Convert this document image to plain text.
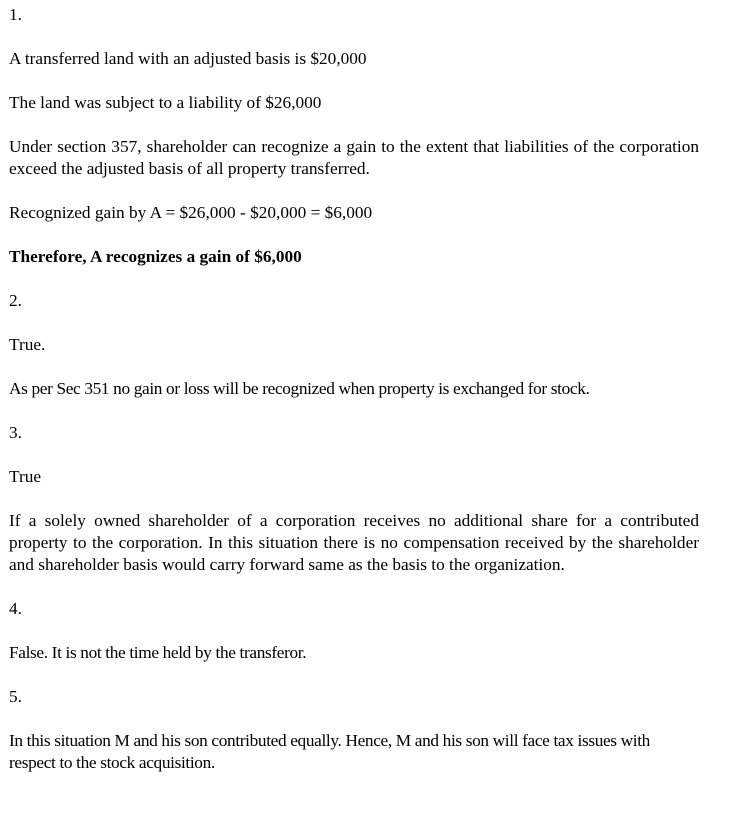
1.

A transferred land with an adjusted basis is $20,000

The land was subject to a liability of $26,000

Under section 357, shareholder can recognize a gain to the extent that liabilities of the corporation exceed the adjusted basis of all property transferred.

Recognized gain by A = $26,000 - $20,000 = $6,000

Therefore, A recognizes a gain of $6,000

2.

True.

As per Sec 351 no gain or loss will be recognized when property is exchanged for stock.

3.

True

If a solely owned shareholder of a corporation receives no additional share for a contributed property to the corporation. In this situation there is no compensation received by the shareholder and shareholder basis would carry forward same as the basis to the organization.

4.

False. It is not the time held by the transferor.

5.

In this situation M and his son contributed equally. Hence, M and his son will face tax issues with respect to the stock acquisition.
